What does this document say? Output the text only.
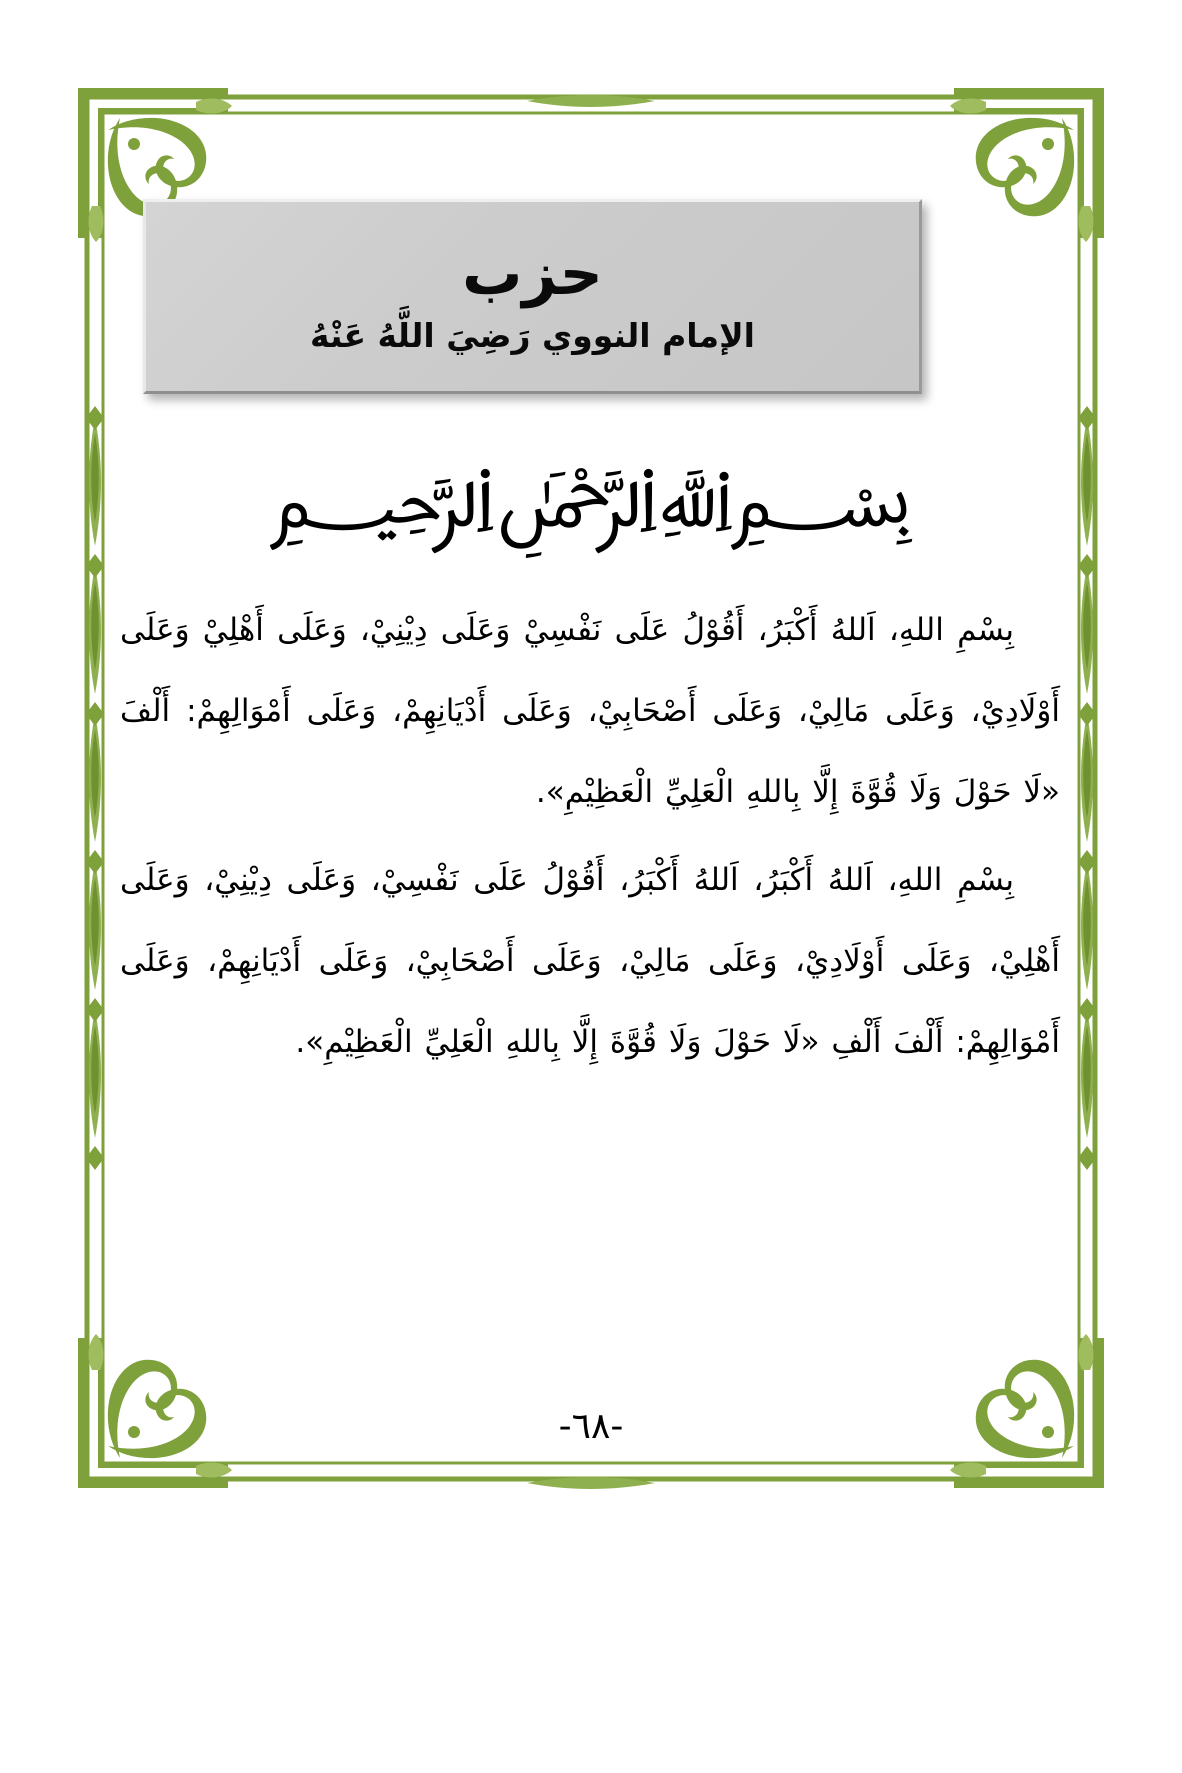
حزب
الإمام النووي رَضِيَ اللَّهُ عَنْهُ
﷽

بِسْمِ اللهِ، اَللهُ أَكْبَرُ، أَقُوْلُ عَلَى نَفْسِيْ وَعَلَى دِيْنِيْ، وَعَلَى أَهْلِيْ وَعَلَى أَوْلَادِيْ، وَعَلَى مَالِيْ، وَعَلَى أَصْحَابِيْ، وَعَلَى أَدْيَانِهِمْ، وَعَلَى أَمْوَالِهِمْ: أَلْفَ «لَا حَوْلَ وَلَا قُوَّةَ إِلَّا بِاللهِ الْعَلِيِّ الْعَظِيْمِ».

بِسْمِ اللهِ، اَللهُ أَكْبَرُ، اَللهُ أَكْبَرُ، أَقُوْلُ عَلَى نَفْسِيْ، وَعَلَى دِيْنِيْ، وَعَلَى أَهْلِيْ، وَعَلَى أَوْلَادِيْ، وَعَلَى مَالِيْ، وَعَلَى أَصْحَابِيْ، وَعَلَى أَدْيَانِهِمْ، وَعَلَى أَمْوَالِهِمْ: أَلْفَ أَلْفِ «لَا حَوْلَ وَلَا قُوَّةَ إِلَّا بِاللهِ الْعَلِيِّ الْعَظِيْمِ».

-٦٨-
